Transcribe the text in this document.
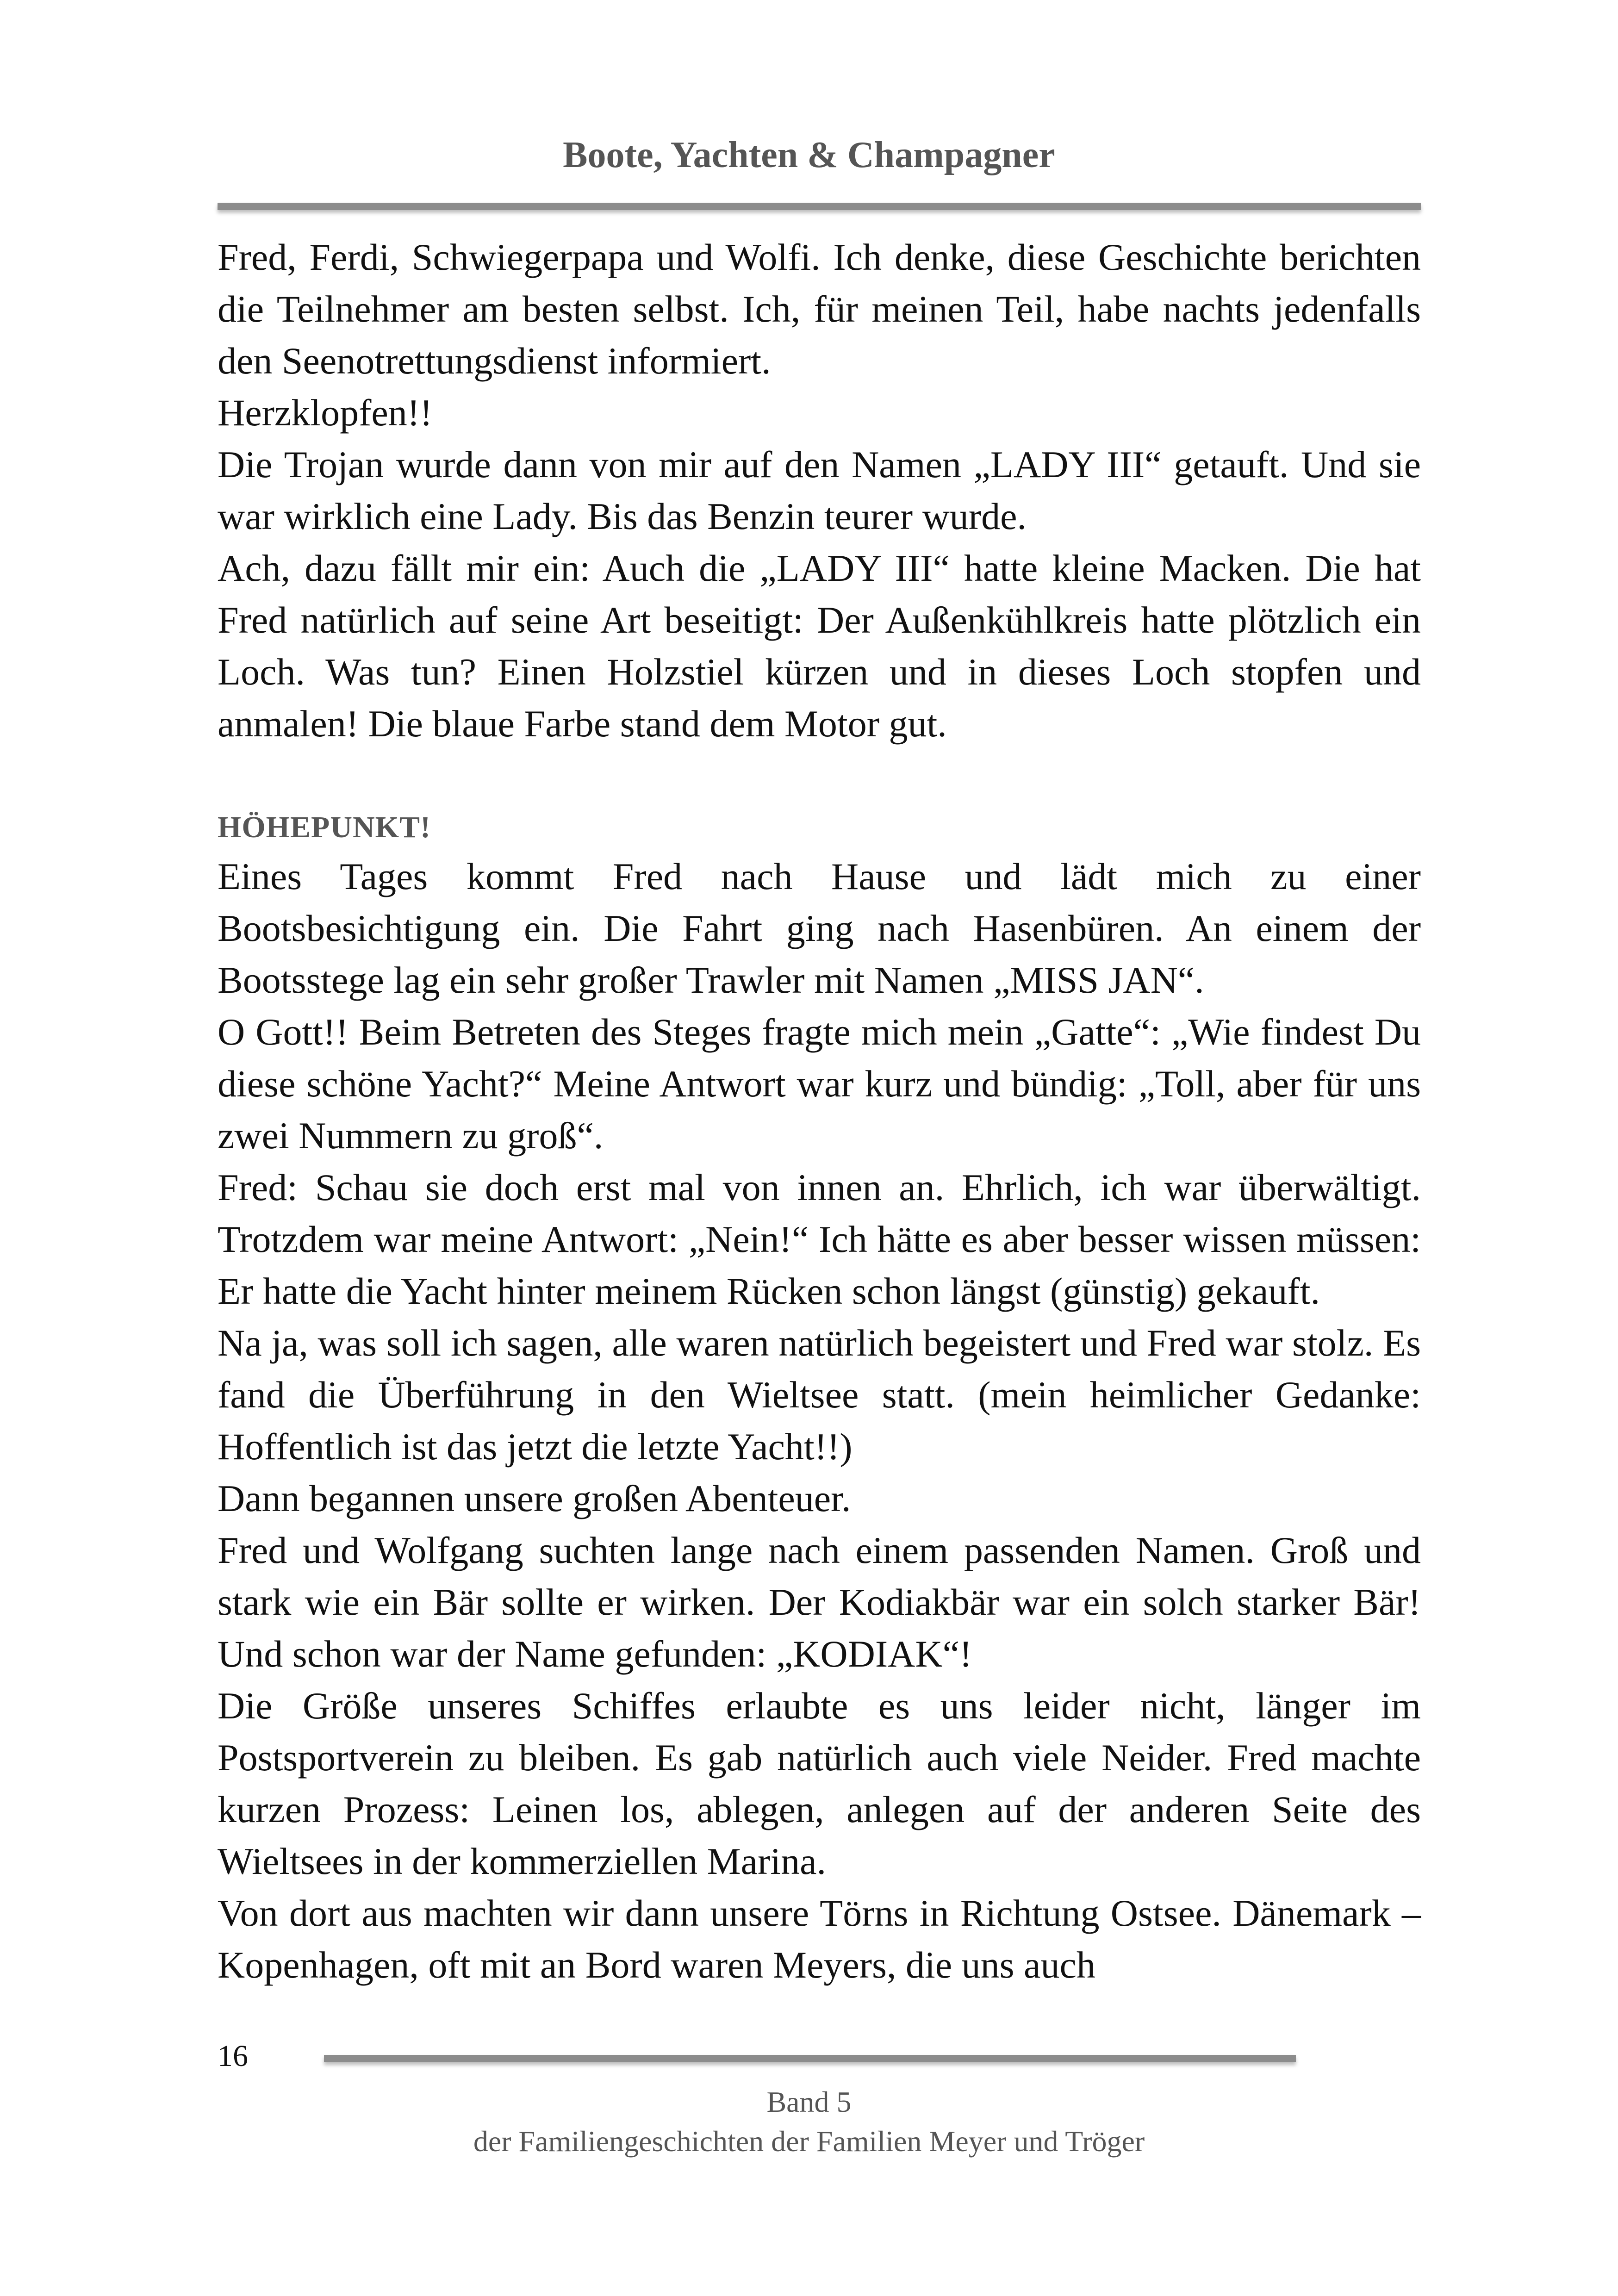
Boote, Yachten & Champagner

Fred, Ferdi, Schwiegerpapa und Wolfi. Ich denke, diese Geschichte berichten die Teilnehmer am besten selbst. Ich, für meinen Teil, habe nachts jedenfalls den Seenotrettungsdienst informiert.

Herzklopfen!!

Die Trojan wurde dann von mir auf den Namen „LADY III“ getauft. Und sie war wirklich eine Lady. Bis das Benzin teurer wurde.

Ach, dazu fällt mir ein: Auch die „LADY III“ hatte kleine Macken. Die hat Fred natürlich auf seine Art beseitigt: Der Außenkühlkreis hatte plötzlich ein Loch. Was tun? Einen Holzstiel kürzen und in dieses Loch stopfen und anmalen! Die blaue Farbe stand dem Motor gut.

HÖHEPUNKT!

Eines Tages kommt Fred nach Hause und lädt mich zu einer Bootsbesichtigung ein. Die Fahrt ging nach Hasenbüren. An einem der Bootsstege lag ein sehr großer Trawler mit Namen „MISS JAN“.

O Gott!! Beim Betreten des Steges fragte mich mein „Gatte“: „Wie findest Du diese schöne Yacht?“ Meine Antwort war kurz und bündig: „Toll, aber für uns zwei Nummern zu groß“.

Fred: Schau sie doch erst mal von innen an. Ehrlich, ich war überwältigt. Trotzdem war meine Antwort: „Nein!“ Ich hätte es aber besser wissen müssen: Er hatte die Yacht hinter meinem Rücken schon längst (günstig) gekauft.

Na ja, was soll ich sagen, alle waren natürlich begeistert und Fred war stolz. Es fand die Überführung in den Wieltsee statt. (mein heimlicher Gedanke: Hoffentlich ist das jetzt die letzte Yacht!!)

Dann begannen unsere großen Abenteuer.

Fred und Wolfgang suchten lange nach einem passenden Namen. Groß und stark wie ein Bär sollte er wirken. Der Kodiakbär war ein solch starker Bär! Und schon war der Name gefunden: „KODIAK“!

Die Größe unseres Schiffes erlaubte es uns leider nicht, länger im Postsportverein zu bleiben. Es gab natürlich auch viele Neider. Fred machte kurzen Prozess: Leinen los, ablegen, anlegen auf der anderen Seite des Wieltsees in der kommerziellen Marina.

Von dort aus machten wir dann unsere Törns in Richtung Ostsee. Dänemark – Kopenhagen, oft mit an Bord waren Meyers, die uns auch

16
Band 5
der Familiengeschichten der Familien Meyer und Tröger
